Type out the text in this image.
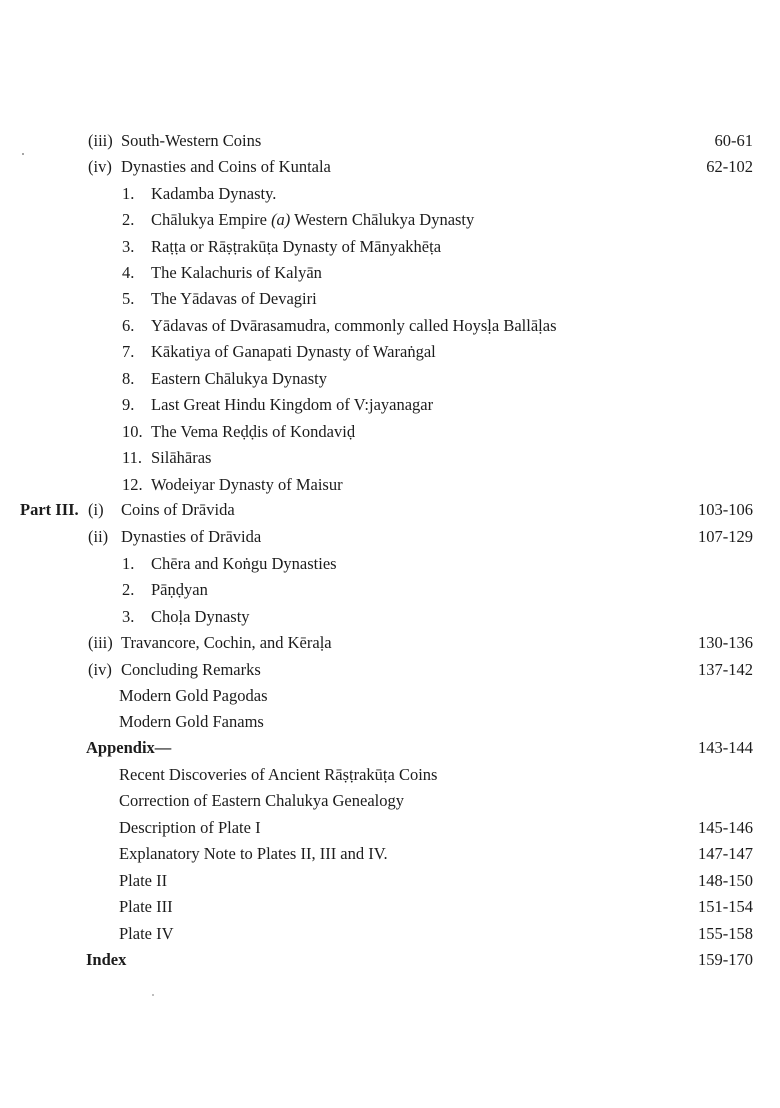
(iii) South-Western Coins	60-61
(iv) Dynasties and Coins of Kuntala	62-102
1. Kadamba Dynasty.
2. Chālukya Empire (a) Western Chālukya Dynasty
3. Raṭṭa or Rāṣṭrakūṭa Dynasty of Mānyakhēṭa
4. The Kalachuris of Kalyān
5. The Yādavas of Devagiri
6. Yādavas of Dvārasamudra, commonly called Hoysḷa Ballāḷas
7. Kākatiya of Ganapati Dynasty of Waraṅgal
8. Eastern Chālukya Dynasty
9. Last Great Hindu Kingdom of V:jayanagar
10. The Vema Reḍḍis of Kondaviḍ
11. Silāhāras
12. Wodeiyar Dynasty of Maisur
Part III. (i) Coins of Drāvida	103-106
(ii) Dynasties of Drāvida	107-129
1. Chēra and Koṅgu Dynasties
2. Pāṇḍyan
3. Choḷa Dynasty
(iii) Travancore, Cochin, and Kēraḷa	130-136
(iv) Concluding Remarks	137-142
Modern Gold Pagodas
Modern Gold Fanams
Appendix—	143-144
Recent Discoveries of Ancient Rāṣṭrakūṭa Coins
Correction of Eastern Chalukya Genealogy
Description of Plate I	145-146
Explanatory Note to Plates II, III and IV.	147-147
Plate II	148-150
Plate III	151-154
Plate IV	155-158
Index	159-170
